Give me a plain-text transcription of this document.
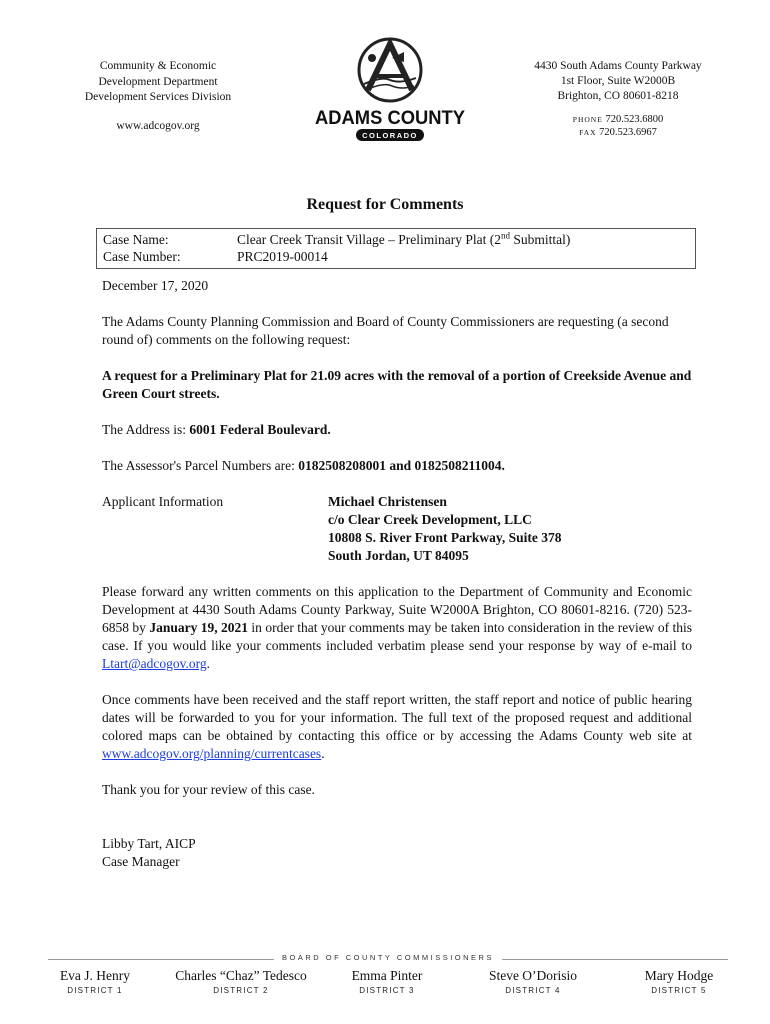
Community & Economic
Development Department
Development Services Division
www.adcogov.org	ADAMS COUNTY
COLORADO
4430 South Adams County Parkway
1st Floor, Suite W2000B
Brighton, CO 80601-8218
PHONE 720.523.6800
FAX 720.523.6967
Request for Comments
Case Name:	Clear Creek Transit Village – Preliminary Plat (2nd Submittal)
Case Number:	PRC2019-00014

December 17, 2020

The Adams County Planning Commission and Board of County Commissioners are requesting (a second round of) comments on the following request:

A request for a Preliminary Plat for 21.09 acres with the removal of a portion of Creekside Avenue and Green Court streets.

The Address is: 6001 Federal Boulevard.

The Assessor's Parcel Numbers are: 0182508208001 and 0182508211004.

Applicant Information	Michael Christensen
c/o Clear Creek Development, LLC
10808 S. River Front Parkway, Suite 378
South Jordan, UT 84095

Please forward any written comments on this application to the Department of Community and Economic Development at 4430 South Adams County Parkway, Suite W2000A Brighton, CO 80601-8216. (720) 523-6858 by January 19, 2021 in order that your comments may be taken into consideration in the review of this case. If you would like your comments included verbatim please send your response by way of e-mail to Ltart@adcogov.org.

Once comments have been received and the staff report written, the staff report and notice of public hearing dates will be forwarded to you for your information. The full text of the proposed request and additional colored maps can be obtained by contacting this office or by accessing the Adams County web site at www.adcogov.org/planning/currentcases.

Thank you for your review of this case.

Libby Tart, AICP

Case Manager

BOARD OF COUNTY COMMISSIONERS
Eva J. Henry
DISTRICT 1
Charles “Chaz” Tedesco
DISTRICT 2
Emma Pinter
DISTRICT 3
Steve O’Dorisio
DISTRICT 4
Mary Hodge
DISTRICT 5
